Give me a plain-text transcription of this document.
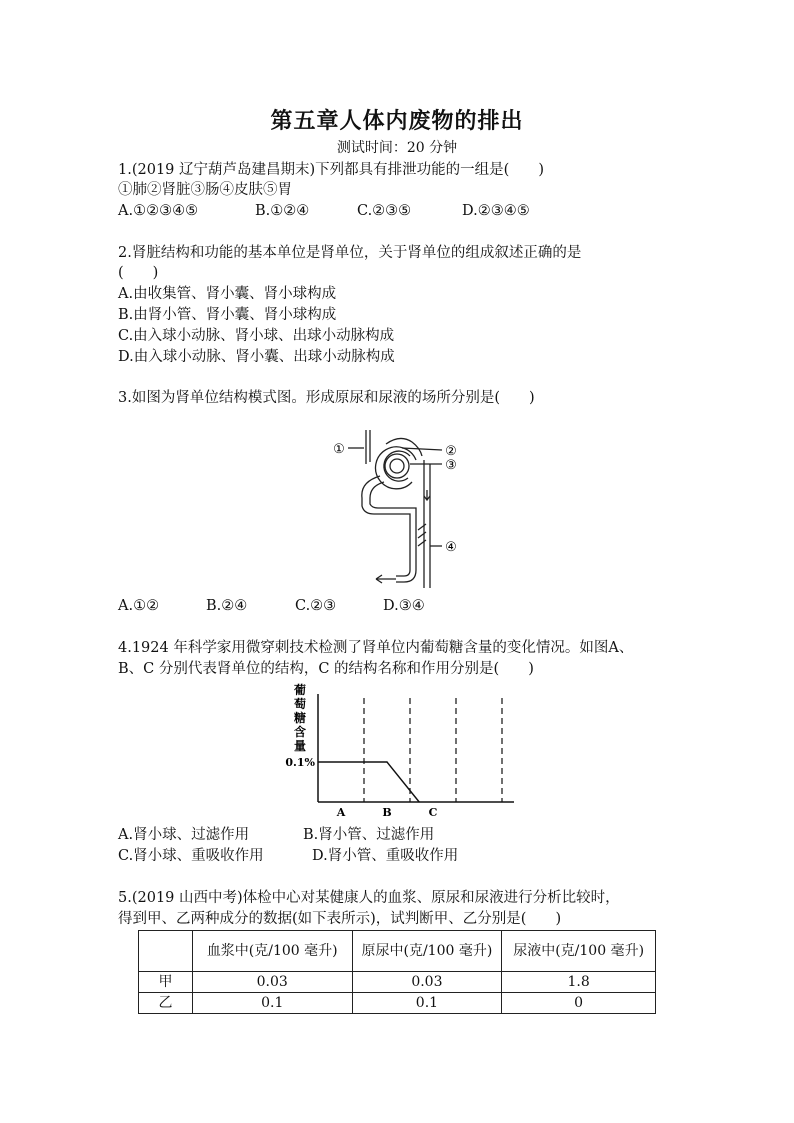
第五章人体内废物的排出
测试时间：20 分钟
1.(2019 辽宁葫芦岛建昌期末)下列都具有排泄功能的一组是(　　)
①肺②肾脏③肠④皮肤⑤胃
A.①②③④⑤	B.①②④	C.②③⑤	D.②③④⑤
2.肾脏结构和功能的基本单位是肾单位，关于肾单位的组成叙述正确的是
(　　)
A.由收集管、肾小囊、肾小球构成
B.由肾小管、肾小囊、肾小球构成
C.由入球小动脉、肾小球、出球小动脉构成
D.由入球小动脉、肾小囊、出球小动脉构成
3.如图为肾单位结构模式图。形成原尿和尿液的场所分别是(　　)
①	②
③
④
A.①②	B.②④	C.②③	D.③④
4.1924 年科学家用微穿刺技术检测了肾单位内葡萄糖含量的变化情况。如图A、
B、C 分别代表肾单位的结构，C 的结构名称和作用分别是(　　)
A	B	C
0.1%
葡
萄
糖
含
量
A.肾小球、过滤作用	B.肾小管、过滤作用
C.肾小球、重吸收作用	D.肾小管、重吸收作用
5.(2019 山西中考)体检中心对某健康人的血浆、原尿和尿液进行分析比较时，
得到甲、乙两种成分的数据(如下表所示)，试判断甲、乙分别是(　　)
	血浆中(克/100 毫升)	原尿中(克/100 毫升)	尿液中(克/100 毫升)
甲	0.03	0.03	1.8
乙	0.1	0.1	0
